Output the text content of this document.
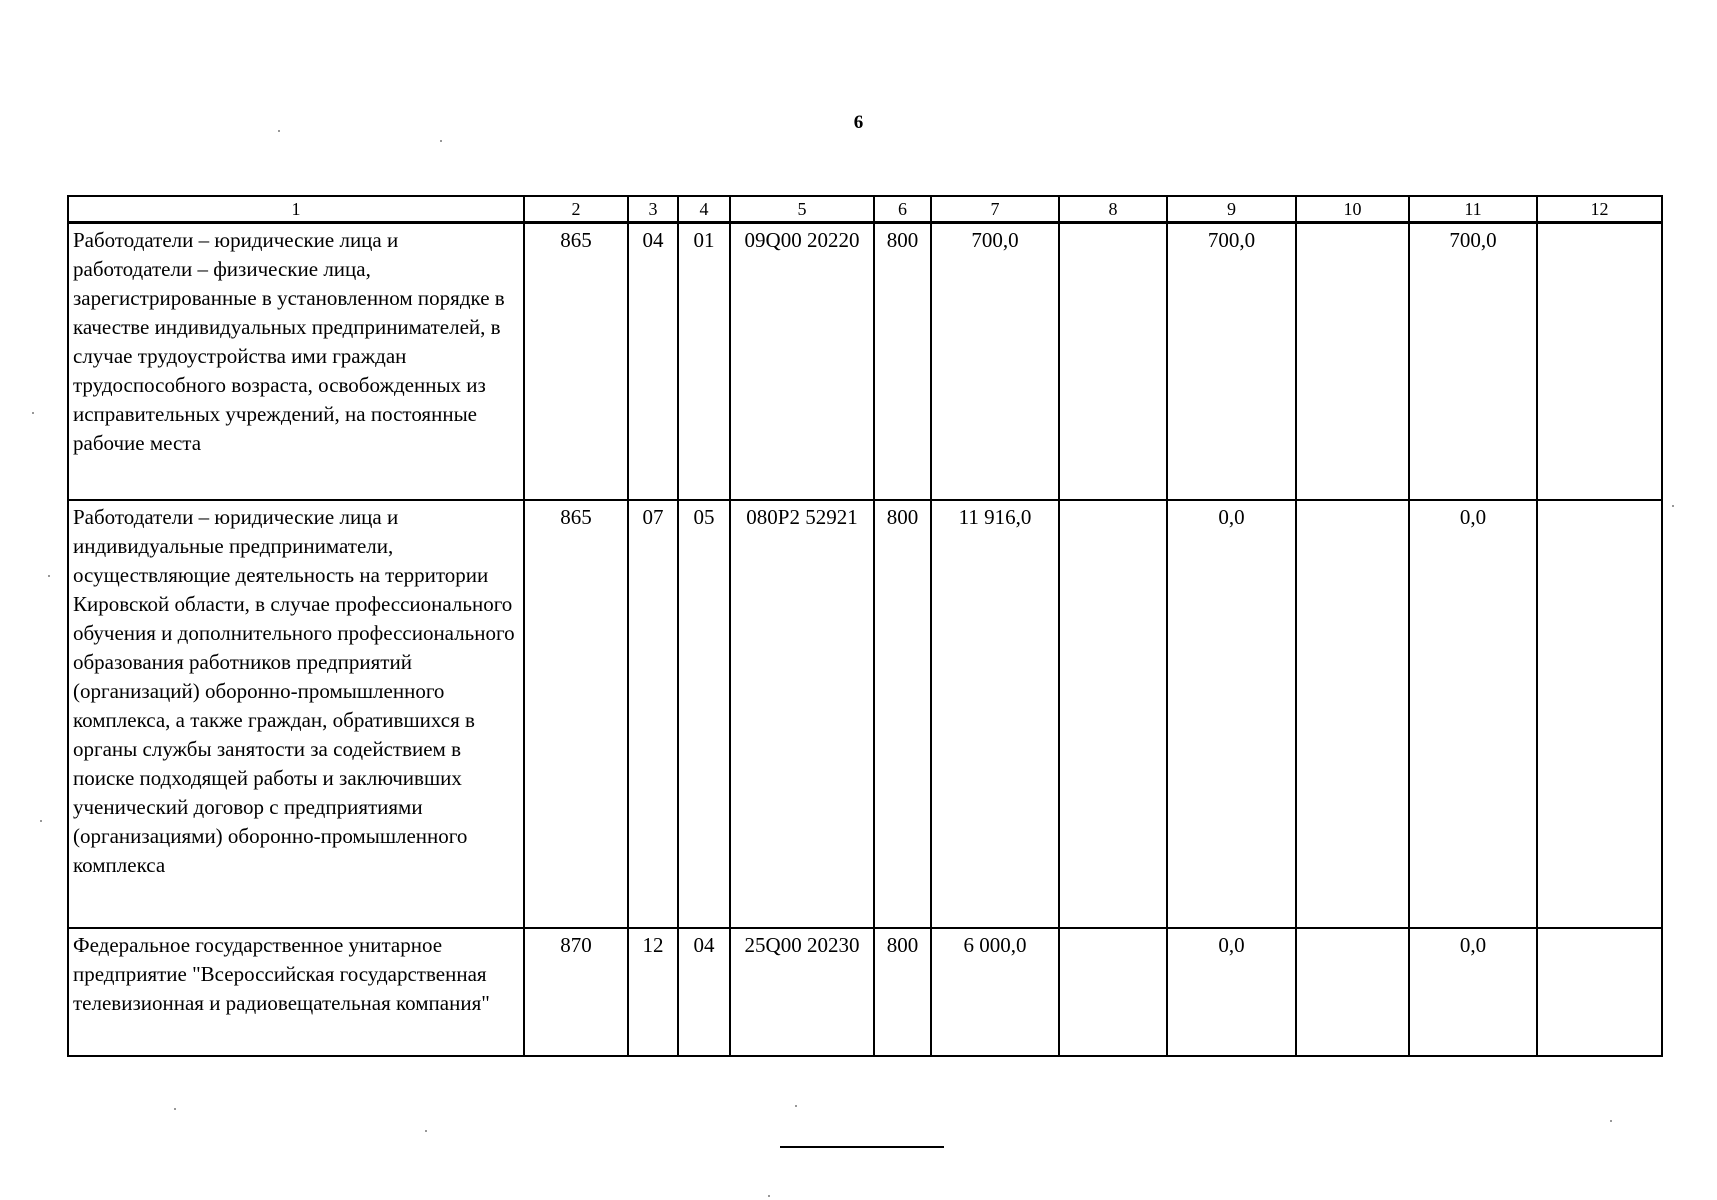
6
1	2	3	4	5	6	7	8	9	10	11	12
Работодатели – юридические лица и работодатели – физические лица, зарегистрированные в установленном порядке в качестве индивидуальных предпринимателей, в случае трудоустройства ими граждан трудоспособного возраста, освобожденных из исправительных учреждений, на постоянные рабочие места	865	04	01	09Q00 20220	800	700,0		700,0		700,0	
Работодатели – юридические лица и индивидуальные предприниматели, осуществляющие деятельность на территории Кировской области, в случае профессионального обучения и дополнительного профессионального образования работников предприятий (организаций) оборонно-промышленного комплекса, а также граждан, обратившихся в органы службы занятости за содействием в поиске подходящей работы и заключивших ученический договор с предприятиями (организациями) оборонно-промышленного комплекса	865	07	05	080P2 52921	800	11 916,0		0,0		0,0	
Федеральное государственное унитарное предприятие "Всероссийская государственная телевизионная и радиовещательная компания"	870	12	04	25Q00 20230	800	6 000,0		0,0		0,0	
